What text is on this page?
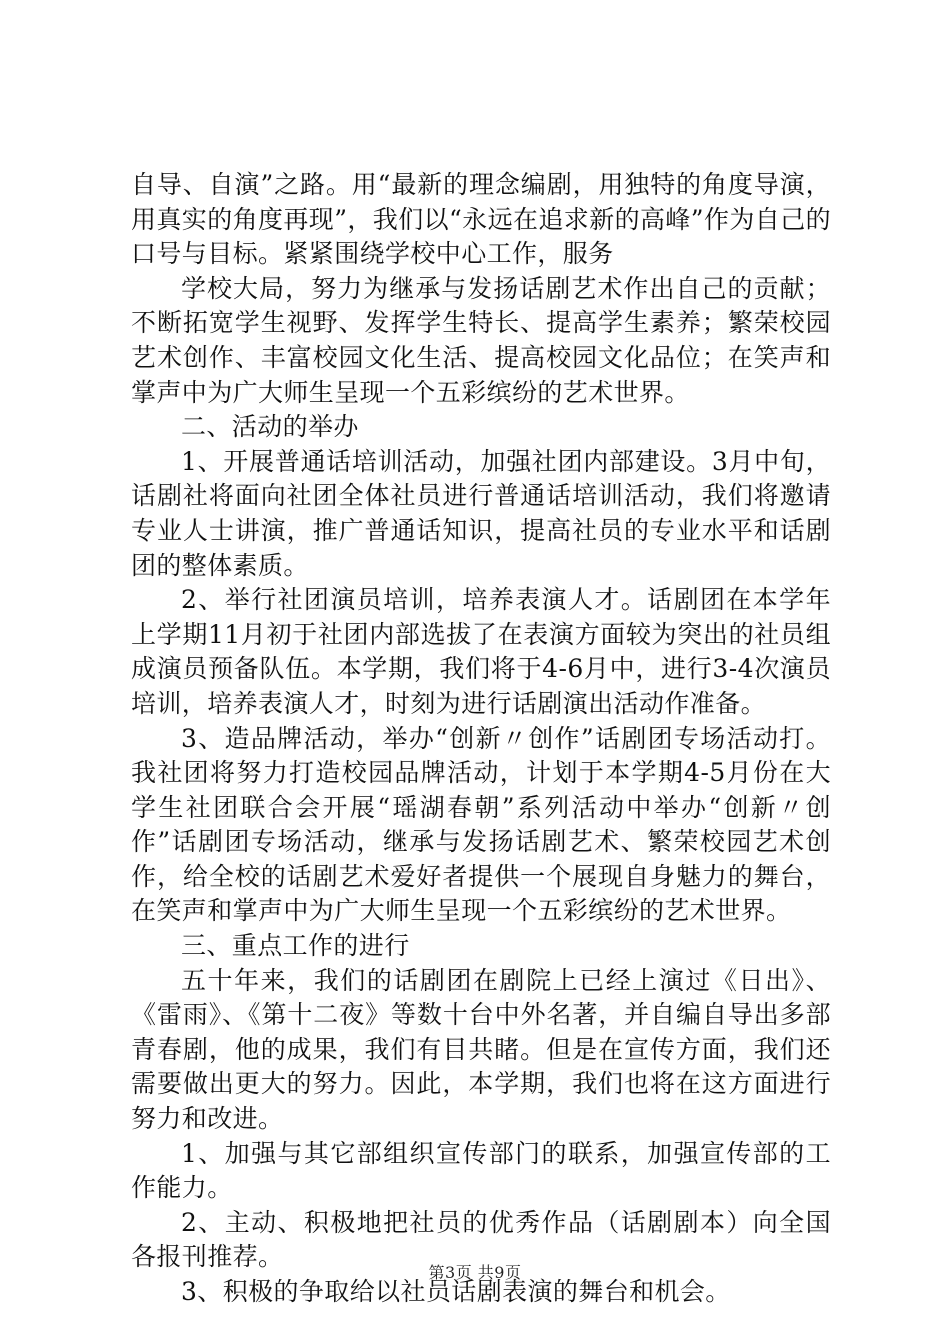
自导、自演”之路。用“最新的理念编剧，用独特的角度导演，用真实的角度再现”，我们以“永远在追求新的高峰”作为自己的口号与目标。紧紧围绕学校中心工作，服务

学校大局，努力为继承与发扬话剧艺术作出自己的贡献；不断拓宽学生视野、发挥学生特长、提高学生素养；繁荣校园艺术创作、丰富校园文化生活、提高校园文化品位；在笑声和掌声中为广大师生呈现一个五彩缤纷的艺术世界。

二、活动的举办

1、开展普通话培训活动，加强社团内部建设。3月中旬，话剧社将面向社团全体社员进行普通话培训活动，我们将邀请专业人士讲演，推广普通话知识，提高社员的专业水平和话剧团的整体素质。

2、举行社团演员培训，培养表演人才。话剧团在本学年上学期11月初于社团内部选拔了在表演方面较为突出的社员组成演员预备队伍。本学期，我们将于4-6月中，进行3-4次演员培训，培养表演人才，时刻为进行话剧演出活动作准备。

3、造品牌活动，举办“创新〃创作”话剧团专场活动打。我社团将努力打造校园品牌活动，计划于本学期4-5月份在大学生社团联合会开展“瑶湖春朝”系列活动中举办“创新〃创作”话剧团专场活动，继承与发扬话剧艺术、繁荣校园艺术创作，给全校的话剧艺术爱好者提供一个展现自身魅力的舞台，在笑声和掌声中为广大师生呈现一个五彩缤纷的艺术世界。

三、重点工作的进行

五十年来，我们的话剧团在剧院上已经上演过《日出》、《雷雨》、《第十二夜》等数十台中外名著，并自编自导出多部青春剧，他的成果，我们有目共睹。但是在宣传方面，我们还需要做出更大的努力。因此，本学期，我们也将在这方面进行努力和改进。

1、加强与其它部组织宣传部门的联系，加强宣传部的工作能力。

2、主动、积极地把社员的优秀作品（话剧剧本）向全国各报刊推荐。

3、积极的争取给以社员话剧表演的舞台和机会。

第3页 共9页
